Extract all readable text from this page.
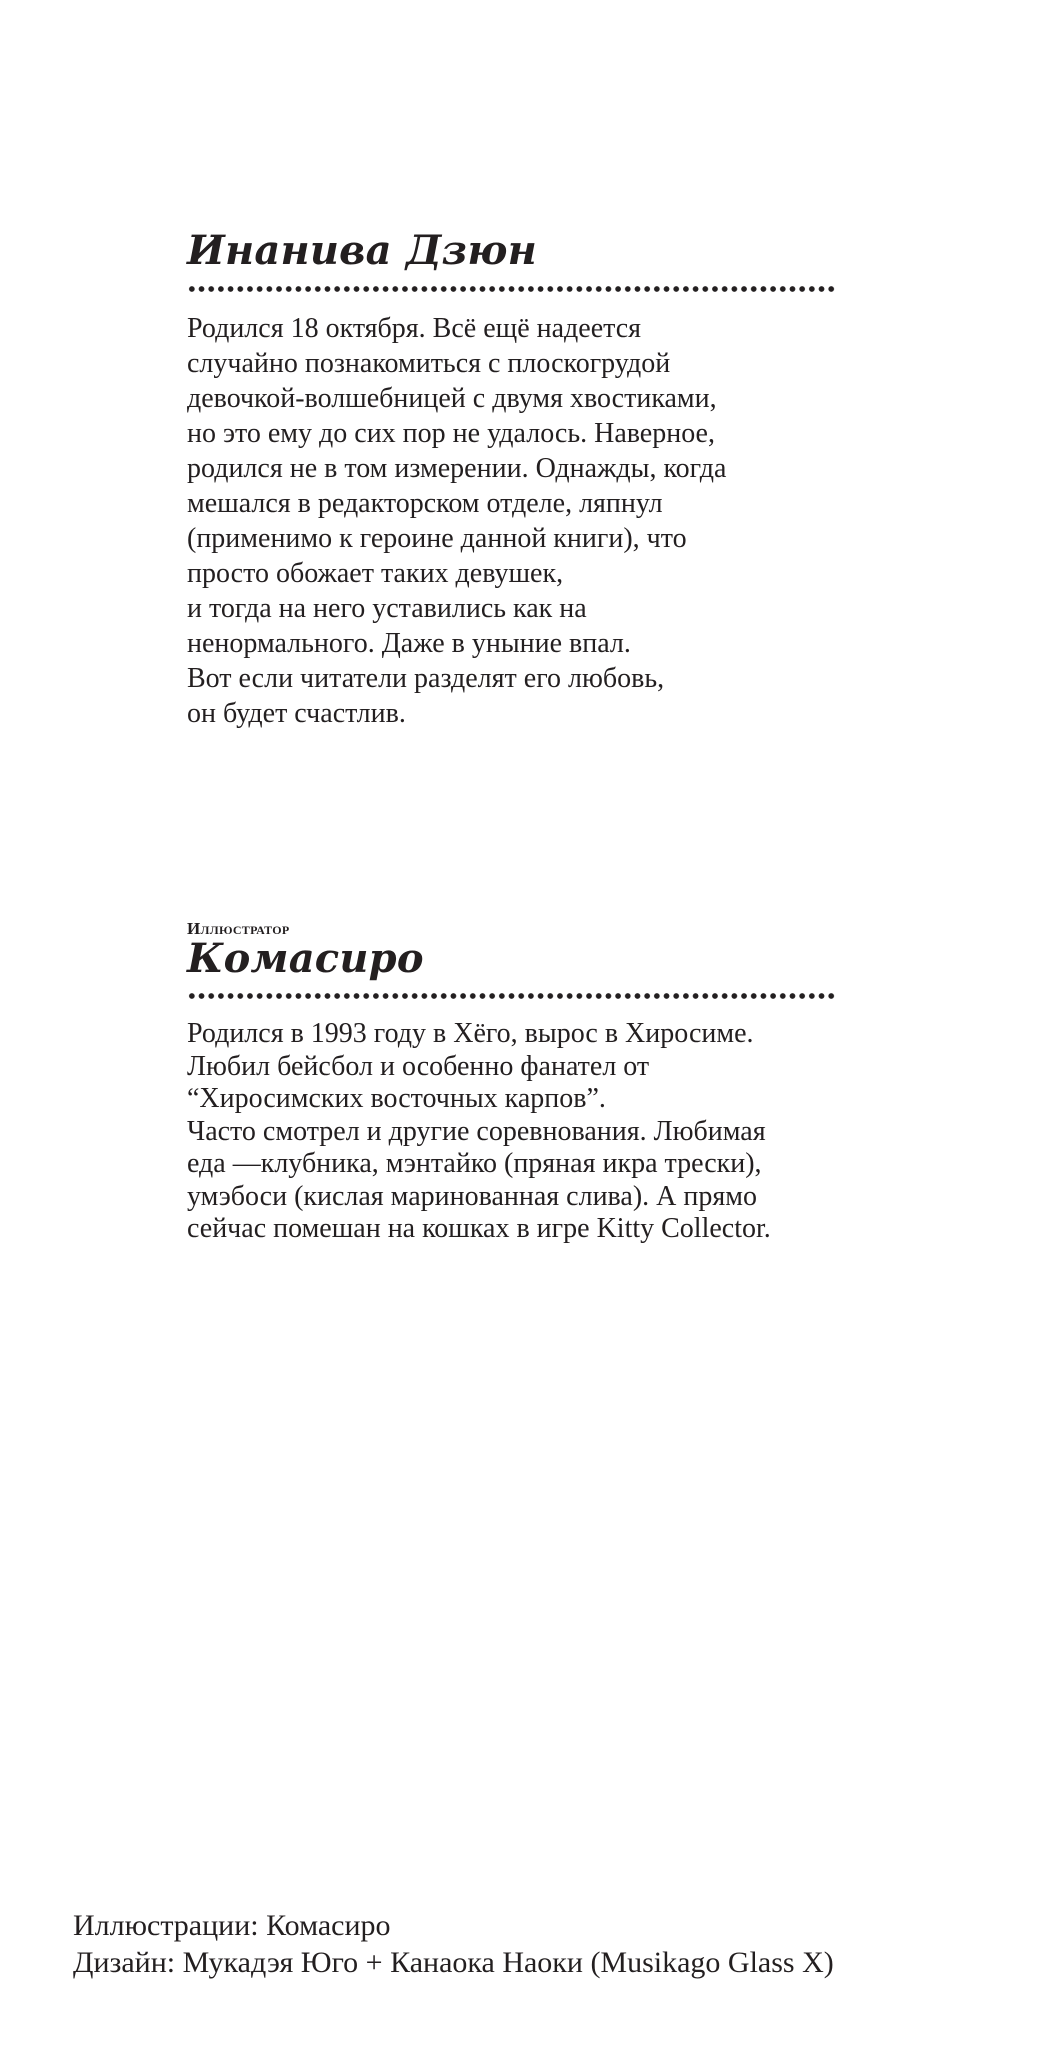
Инанива Дзюн

Родился 18 октября. Всё ещё надеется
случайно познакомиться с плоскогрудой
девочкой-волшебницей с двумя хвостиками,
но это ему до сих пор не удалось. Наверное,
родился не в том измерении. Однажды, когда
мешался в редакторском отделе, ляпнул
(применимо к героине данной книги), что
просто обожает таких девушек,
и тогда на него уставились как на
ненормального. Даже в уныние впал.
Вот если читатели разделят его любовь,
он будет счастлив.

Иллюстратор
Комасиро

Родился в 1993 году в Хёго, вырос в Хиросиме.
Любил бейсбол и особенно фанател от
“Хиросимских восточных карпов”.
Часто смотрел и другие соревнования. Любимая
еда —клубника, мэнтайко (пряная икра трески),
умэбоси (кислая маринованная слива). А прямо
сейчас помешан на кошках в игре Kitty Collector.

Иллюстрации: Комасиро
Дизайн: Мукадэя Юго + Канаока Наоки (Musikago Glass X)
